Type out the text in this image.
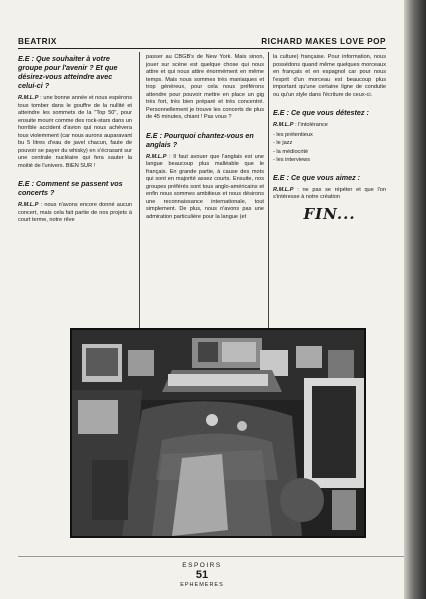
BEATRIX	RICHARD MAKES LOVE POP

E.E : Que souhaiter à votre groupe pour l'avenir ? Et que désirez-vous atteindre avec celui-ci ?

R.M.L.P : une bonne année et nous espérons tous tomber dans le gouffre de la nullité et atteindre les sommets de la "Top 50", pour ensuite mourir comme des rock-stars dans un horrible accident d'avion qui nous achèvera tous violemment (car nous aurons auparavant bu 5 litres d'eau de javel chacun, faute de pouvoir se payer du whisky) en s'écrasant sur une centrale nucléaire qui fera sauter la moitié de l'univers. BIEN SUR !

E.E : Comment se passent vos concerts ?

R.M.L.P : nous n'avons encore donné aucun concert, mais cela fait partie de nos projets à court terme, notre rêve

passer au CBGB's de New York. Mais sinon, jouer sur scène est quelque chose qui nous attire et qui nous attire énormément en même temps. Mais nous sommes très maniaques et trop généreux, pour cela nous préférons attendre pour pouvoir mettre en place un gig très fort, très bien préparé et très concentré. Personnellement je trouve les concerts de plus de 45 minutes, chiant ! Pas vous ?

E.E : Pourquoi chantez-vous en anglais ?

R.M.L.P : Il faut avouer que l'anglais est une langue beaucoup plus malléable que le français. En grande partie, à cause des mots qui sont en majorité assez courts. Ensuite, nos groupes préférés sont tous anglo-américains et enfin nous sommes ambitieux et nous désirons une reconnaissance internationale, tout simplement. De plus, nous n'avons pas une admiration particulière pour la langue (et

la culture) française. Pour information, nous possédons quand même quelques morceaux en français et en espagnol car pour nous l'esprit d'un morceau est beaucoup plus important qu'une certaine ligne de conduite ou qu'un style dans l'écriture de ceux-ci.

E.E : Ce que vous détestez :

R.M.L.P : l'intolérance

- les prétentieux
- le jazz
- la médiocrité
- les interviews

E.E : Ce que vous aimez :

R.M.L.P : ne pas se répéter et que l'on s'intéresse à notre création

FIN...
ESPOIRS
51
EPHEMERES
